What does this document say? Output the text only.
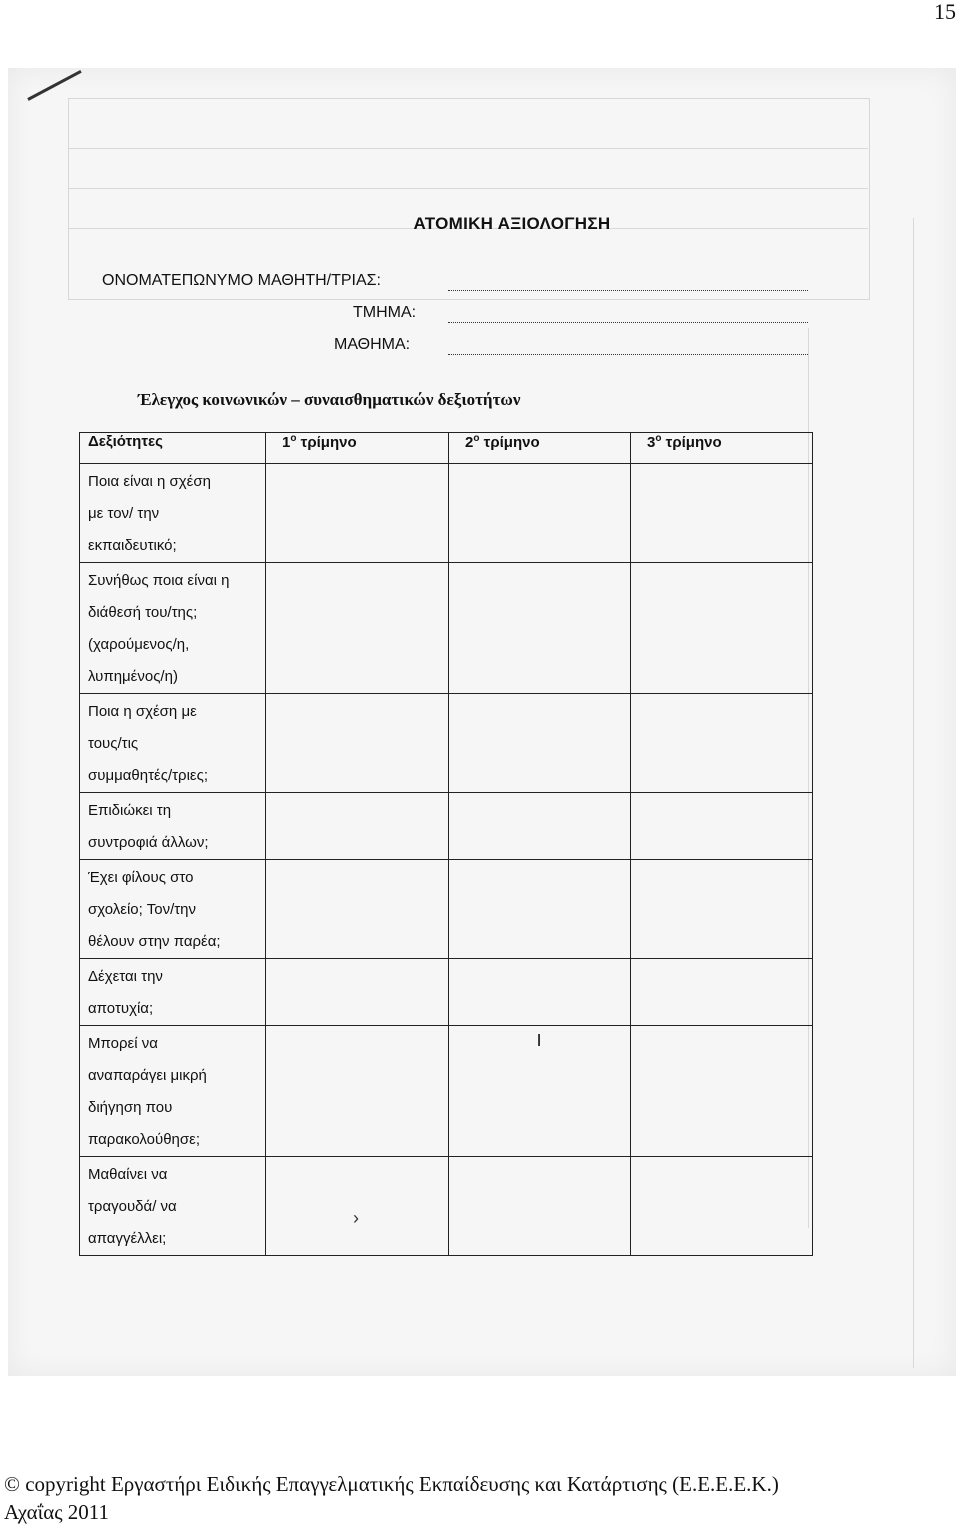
15
ΑΤΟΜΙΚΗ ΑΞΙΟΛΟΓΗΣΗ
ΟΝΟΜΑΤΕΠΩΝΥΜΟ ΜΑΘΗΤΗ/ΤΡΙΑΣ:
ΤΜΗΜΑ:
ΜΑΘΗΜΑ:
Έλεγχος κοινωνικών – συναισθηματικών δεξιοτήτων
Δεξιότητες	$1^o$ τρίμηνο	$2^o$ τρίμηνο	$3^o$ τρίμηνο

Ποια είναι η σχέση
με τον/ την
εκπαιδευτικό;			

Συνήθως ποια είναι η
διάθεσή του/της;
(χαρούμενος/η,
λυπημένος/η)			

Ποια η σχέση με
τους/τις
συμμαθητές/τριες;			

Επιδιώκει τη
συντροφιά άλλων;			

Έχει φίλους στο
σχολείο; Τον/την
θέλουν στην παρέα;			

Δέχεται την
αποτυχία;			

Μπορεί να
αναπαράγει μικρή
διήγηση που
παρακολούθησε;			

Μαθαίνει να
τραγουδά/ να
απαγγέλλει;			

ı
›
© copyright Εργαστήρι Ειδικής Επαγγελματικής Εκπαίδευσης και Κατάρτισης (Ε.Ε.Ε.Ε.Κ.)
Αχαΐας 2011
